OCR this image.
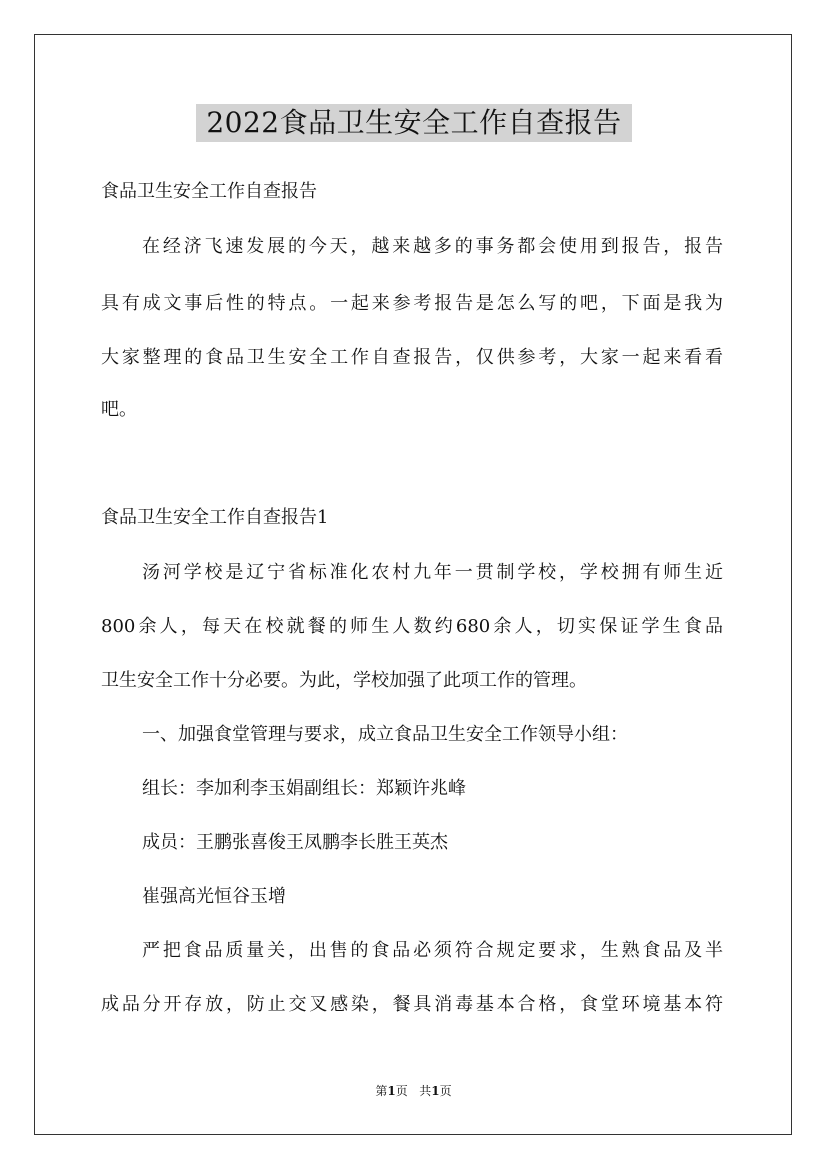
2022食品卫生安全工作自查报告
食品卫生安全工作自查报告
在经济飞速发展的今天，越来越多的事务都会使用到报告，报告
具有成文事后性的特点。一起来参考报告是怎么写的吧，下面是我为
大家整理的食品卫生安全工作自查报告，仅供参考，大家一起来看看
吧。
食品卫生安全工作自查报告1
汤河学校是辽宁省标准化农村九年一贯制学校，学校拥有师生近
800余人，每天在校就餐的师生人数约680余人，切实保证学生食品
卫生安全工作十分必要。为此，学校加强了此项工作的管理。
一、加强食堂管理与要求，成立食品卫生安全工作领导小组：
组长：李加利李玉娟副组长：郑颖许兆峰
成员：王鹏张喜俊王凤鹏李长胜王英杰
崔强高光恒谷玉增
严把食品质量关，出售的食品必须符合规定要求，生熟食品及半
成品分开存放，防止交叉感染，餐具消毒基本合格，食堂环境基本符
第1页 共1页
